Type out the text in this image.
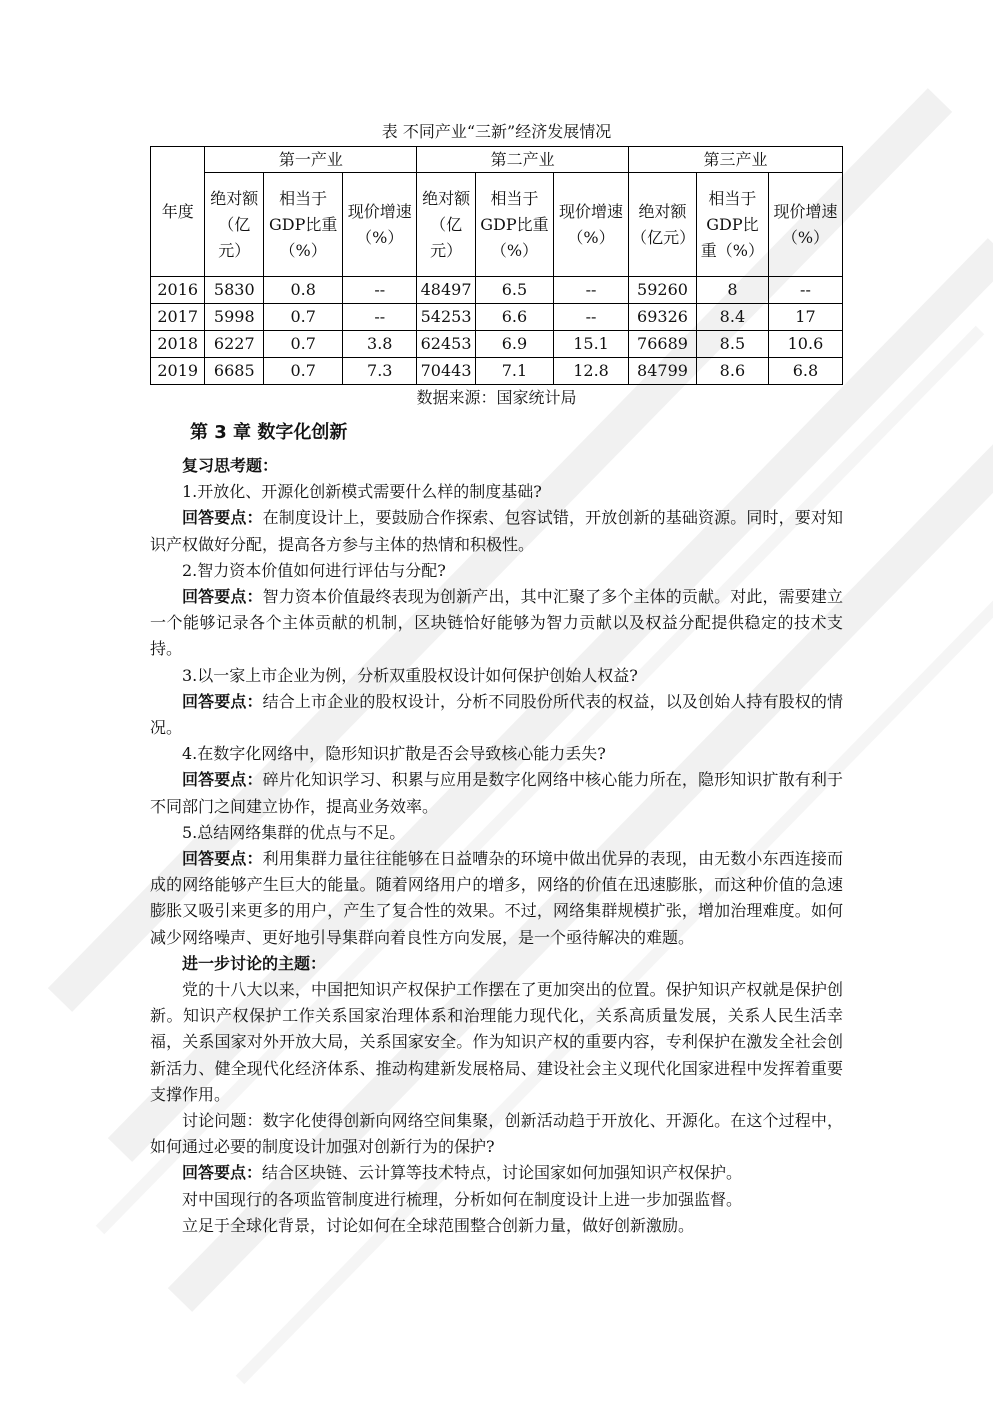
表 不同产业“三新”经济发展情况
年度	第一产业			第二产业			第三产业		
	绝对额（亿元）	相当于GDP比重（%）	现价增速（%）	绝对额（亿元）	相当于GDP比重（%）	现价增速（%）	绝对额（亿元）	相当于GDP比重（%）	现价增速（%）
2016	5830	0.8	--	48497	6.5	--	59260	8	--
2017	5998	0.7	--	54253	6.6	--	69326	8.4	17
2018	6227	0.7	3.8	62453	6.9	15.1	76689	8.5	10.6
2019	6685	0.7	7.3	70443	7.1	12.8	84799	8.6	6.8
数据来源：国家统计局
第 3 章 数字化创新

复习思考题：

1.开放化、开源化创新模式需要什么样的制度基础?

回答要点：在制度设计上，要鼓励合作探索、包容试错，开放创新的基础资源。同时，要对知识产权做好分配，提高各方参与主体的热情和积极性。

2.智力资本价值如何进行评估与分配?

回答要点：智力资本价值最终表现为创新产出，其中汇聚了多个主体的贡献。对此，需要建立一个能够记录各个主体贡献的机制，区块链恰好能够为智力贡献以及权益分配提供稳定的技术支持。

3.以一家上市企业为例，分析双重股权设计如何保护创始人权益?

回答要点：结合上市企业的股权设计，分析不同股份所代表的权益，以及创始人持有股权的情况。

4.在数字化网络中，隐形知识扩散是否会导致核心能力丢失?

回答要点：碎片化知识学习、积累与应用是数字化网络中核心能力所在，隐形知识扩散有利于不同部门之间建立协作，提高业务效率。

5.总结网络集群的优点与不足。

回答要点：利用集群力量往往能够在日益嘈杂的环境中做出优异的表现，由无数小东西连接而成的网络能够产生巨大的能量。随着网络用户的增多，网络的价值在迅速膨胀，而这种价值的急速膨胀又吸引来更多的用户，产生了复合性的效果。不过，网络集群规模扩张，增加治理难度。如何减少网络噪声、更好地引导集群向着良性方向发展，是一个亟待解决的难题。

进一步讨论的主题：

党的十八大以来，中国把知识产权保护工作摆在了更加突出的位置。保护知识产权就是保护创新。知识产权保护工作关系国家治理体系和治理能力现代化，关系高质量发展，关系人民生活幸福，关系国家对外开放大局，关系国家安全。作为知识产权的重要内容，专利保护在激发全社会创新活力、健全现代化经济体系、推动构建新发展格局、建设社会主义现代化国家进程中发挥着重要支撑作用。

讨论问题：数字化使得创新向网络空间集聚，创新活动趋于开放化、开源化。在这个过程中，如何通过必要的制度设计加强对创新行为的保护?

回答要点：结合区块链、云计算等技术特点，讨论国家如何加强知识产权保护。

对中国现行的各项监管制度进行梳理，分析如何在制度设计上进一步加强监督。

立足于全球化背景，讨论如何在全球范围整合创新力量，做好创新激励。
